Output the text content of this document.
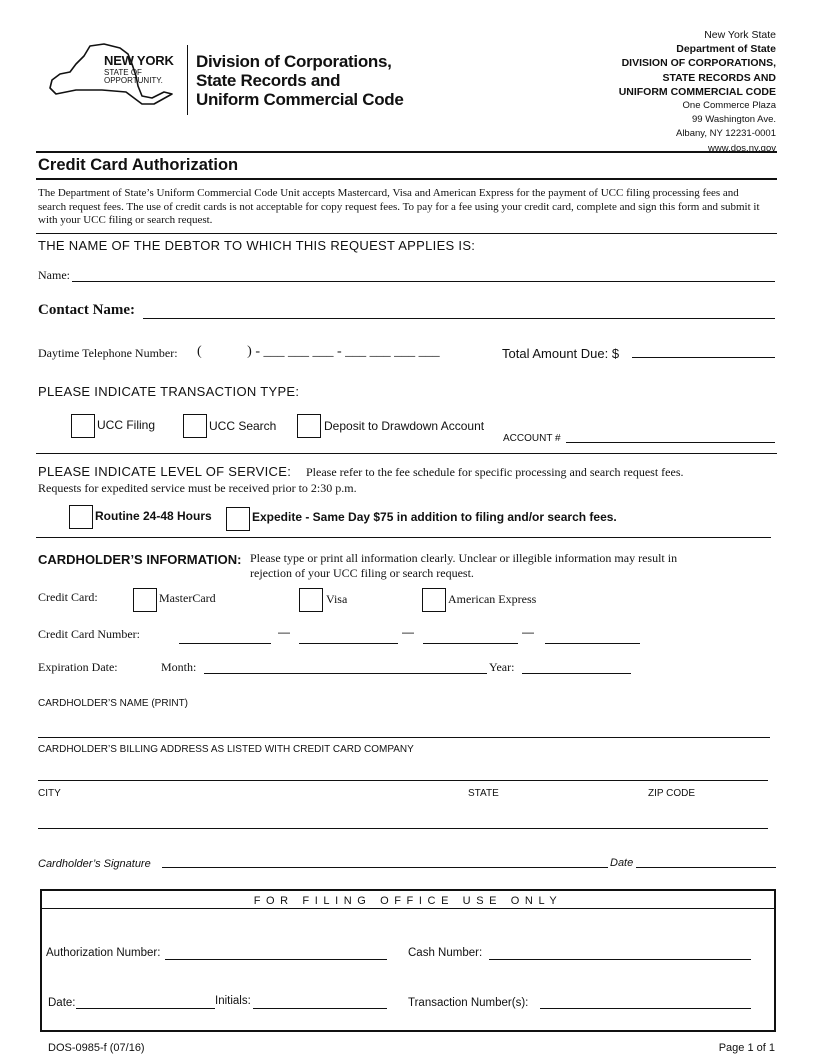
NEW YORK
STATE OF
OPPORTUNITY.
Division of Corporations,
State Records and
Uniform Commercial Code
New York State
Department of State
DIVISION OF CORPORATIONS,
STATE RECORDS AND
UNIFORM COMMERCIAL CODE
One Commerce Plaza
99 Washington Ave.
Albany, NY 12231-0001
www.dos.ny.gov
Credit Card Authorization
The Department of State’s Uniform Commercial Code Unit accepts Mastercard, Visa and American Express for the payment of UCC filing processing fees and search request fees. The use of credit cards is not acceptable for copy request fees. To pay for a fee using your credit card, complete and sign this form and submit it with your UCC filing or search request.
THE NAME OF THE DEBTOR TO WHICH THIS REQUEST APPLIES IS:
Name:
Contact Name:
Daytime Telephone Number: (             ) - ___ ___ ___ - ___ ___ ___ ___	Total Amount Due: $
PLEASE INDICATE TRANSACTION TYPE:
UCC Filing	UCC Search	Deposit to Drawdown Account
ACCOUNT #
PLEASE INDICATE LEVEL OF SERVICE: Please refer to the fee schedule for specific processing and search request fees.
Requests for expedited service must be received prior to 2:30 p.m.
Routine 24-48 Hours	Expedite - Same Day $75 in addition to filing and/or search fees.
CARDHOLDER’S INFORMATION: Please type or print all information clearly. Unclear or illegible information may result in
rejection of your UCC filing or search request.
Credit Card:	MasterCard	Visa	American Express
Credit Card Number:	—	—	—
Expiration Date:	Month:	Year:
CARDHOLDER’S NAME (PRINT)
CARDHOLDER’S BILLING ADDRESS AS LISTED WITH CREDIT CARD COMPANY
CITY	STATE	ZIP CODE
Cardholder’s Signature	Date
FOR FILING OFFICE USE ONLY
Authorization Number:	Cash Number:
Date:	Initials:	Transaction Number(s):
DOS-0985-f (07/16)	Page 1 of 1
